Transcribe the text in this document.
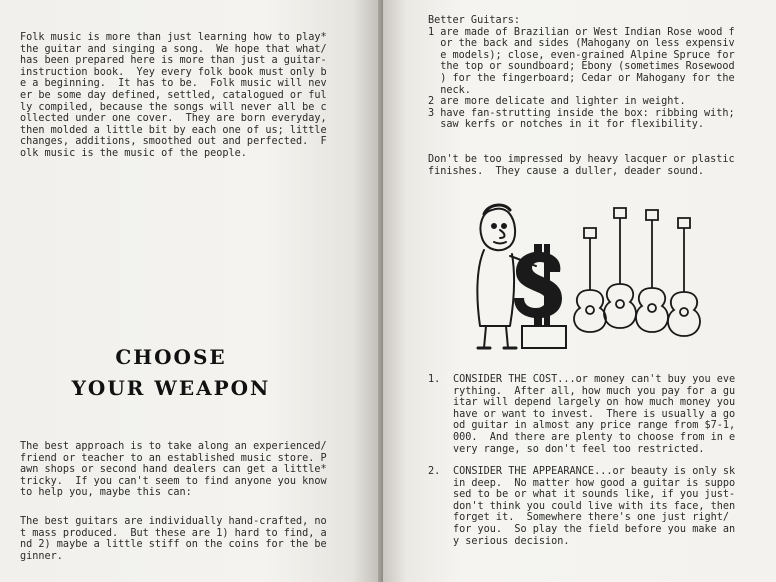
Folk music is more than just learning how to play*
the guitar and singing a song.  We hope that what/
has been prepared here is more than just a guitar-
instruction book.  Yey every folk book must only b
e a beginning.  It has to be.  Folk music will nev
er be some day defined, settled, catalogued or ful
ly compiled, because the songs will never all be c
ollected under one cover.  They are born everyday,
then molded a little bit by each one of us; little
changes, additions, smoothed out and perfected.  F
olk music is the music of the people.
CHOOSE
YOUR WEAPON
The best approach is to take along an experienced/
friend or teacher to an established music store. P
awn shops or second hand dealers can get a little*
tricky.  If you can't seem to find anyone you know
to help you, maybe this can:
The best guitars are individually hand-crafted, no
t mass produced.  But these are 1) hard to find, a
nd 2) maybe a little stiff on the coins for the be
ginner.
Better Guitars:
1 are made of Brazilian or West Indian Rose wood f
or the back and sides (Mahogany on less expensiv
e models); close, even-grained Alpine Spruce for
the top or soundboard; Ebony (sometimes Rosewood
) for the fingerboard; Cedar or Mahogany for the
neck.
2 are more delicate and lighter in weight.
3 have fan-strutting inside the box: ribbing with;
saw kerfs or notches in it for flexibility.
Don't be too impressed by heavy lacquer or plastic
finishes.  They cause a duller, deader sound.
1. CONSIDER THE COST...or money can't buy you eve
rything.  After all, how much you pay for a gu
itar will depend largely on how much money you
have or want to invest.  There is usually a go
od guitar in almost any price range from $7-1,
000.  And there are plenty to choose from in e
very range, so don't feel too restricted.
2. CONSIDER THE APPEARANCE...or beauty is only sk
in deep.  No matter how good a guitar is suppo
sed to be or what it sounds like, if you just-
don't think you could live with its face, then
forget it.  Somewhere there's one just right/
for you.  So play the field before you make an
y serious decision.
